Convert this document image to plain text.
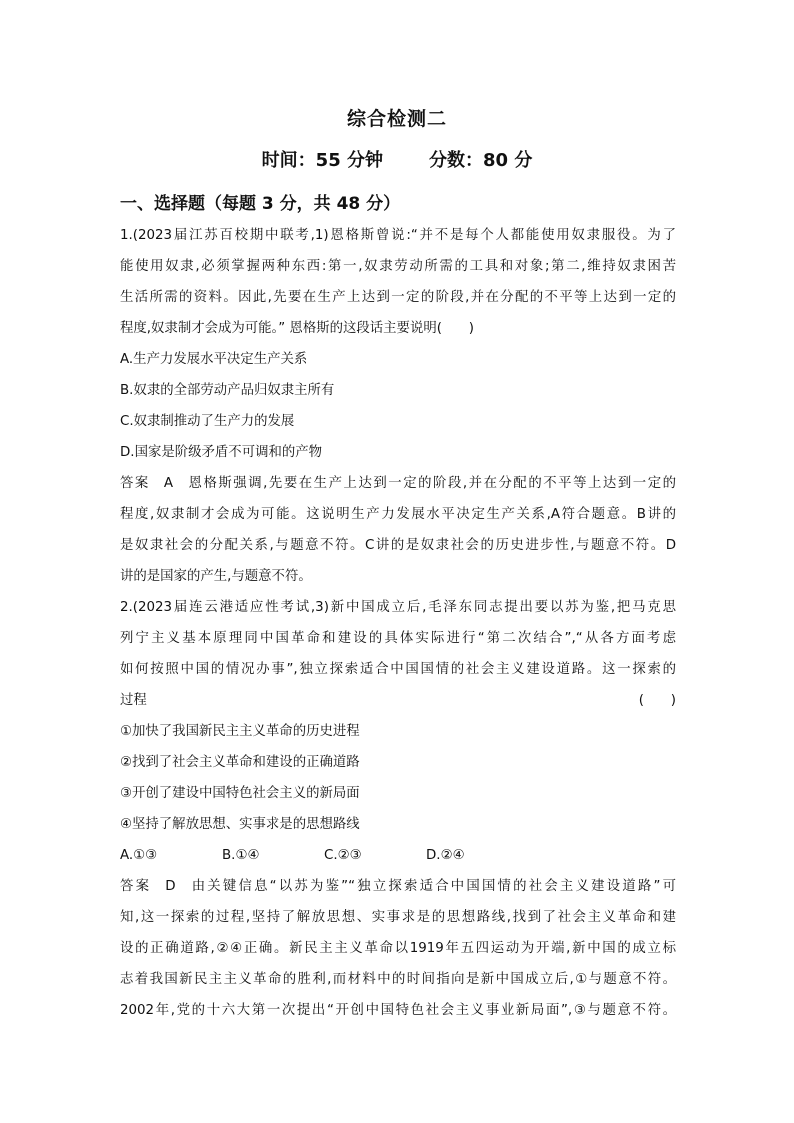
综合检测二
时间：55 分钟	分数：80 分
一、选择题（每题 3 分，共 48 分）

1.(2023届江苏百校期中联考,1)恩格斯曾说:“并不是每个人都能使用奴隶服役。为了

能使用奴隶,必须掌握两种东西:第一,奴隶劳动所需的工具和对象;第二,维持奴隶困苦

生活所需的资料。因此,先要在生产上达到一定的阶段,并在分配的不平等上达到一定的

程度,奴隶制才会成为可能。” 恩格斯的这段话主要说明(　　)

A.生产力发展水平决定生产关系

B.奴隶的全部劳动产品归奴隶主所有

C.奴隶制推动了生产力的发展

D.国家是阶级矛盾不可调和的产物

答案 A 恩格斯强调,先要在生产上达到一定的阶段,并在分配的不平等上达到一定的

程度,奴隶制才会成为可能。这说明生产力发展水平决定生产关系,A符合题意。B讲的

是奴隶社会的分配关系,与题意不符。C讲的是奴隶社会的历史进步性,与题意不符。D

讲的是国家的产生,与题意不符。

2.(2023届连云港适应性考试,3)新中国成立后,毛泽东同志提出要以苏为鉴,把马克思

列宁主义基本原理同中国革命和建设的具体实际进行“第二次结合”,“从各方面考虑

如何按照中国的情况办事”,独立探索适合中国国情的社会主义建设道路。这一探索的

过程	(　　)

①加快了我国新民主主义革命的历史进程

②找到了社会主义革命和建设的正确道路

③开创了建设中国特色社会主义的新局面

④坚持了解放思想、实事求是的思想路线

A.①③	B.①④	C.②③	D.②④

答案 D 由关键信息“以苏为鉴”“独立探索适合中国国情的社会主义建设道路”可

知,这一探索的过程,坚持了解放思想、实事求是的思想路线,找到了社会主义革命和建

设的正确道路,②④正确。新民主主义革命以1919年五四运动为开端,新中国的成立标

志着我国新民主主义革命的胜利,而材料中的时间指向是新中国成立后,①与题意不符。

2002年,党的十六大第一次提出“开创中国特色社会主义事业新局面”,③与题意不符。
